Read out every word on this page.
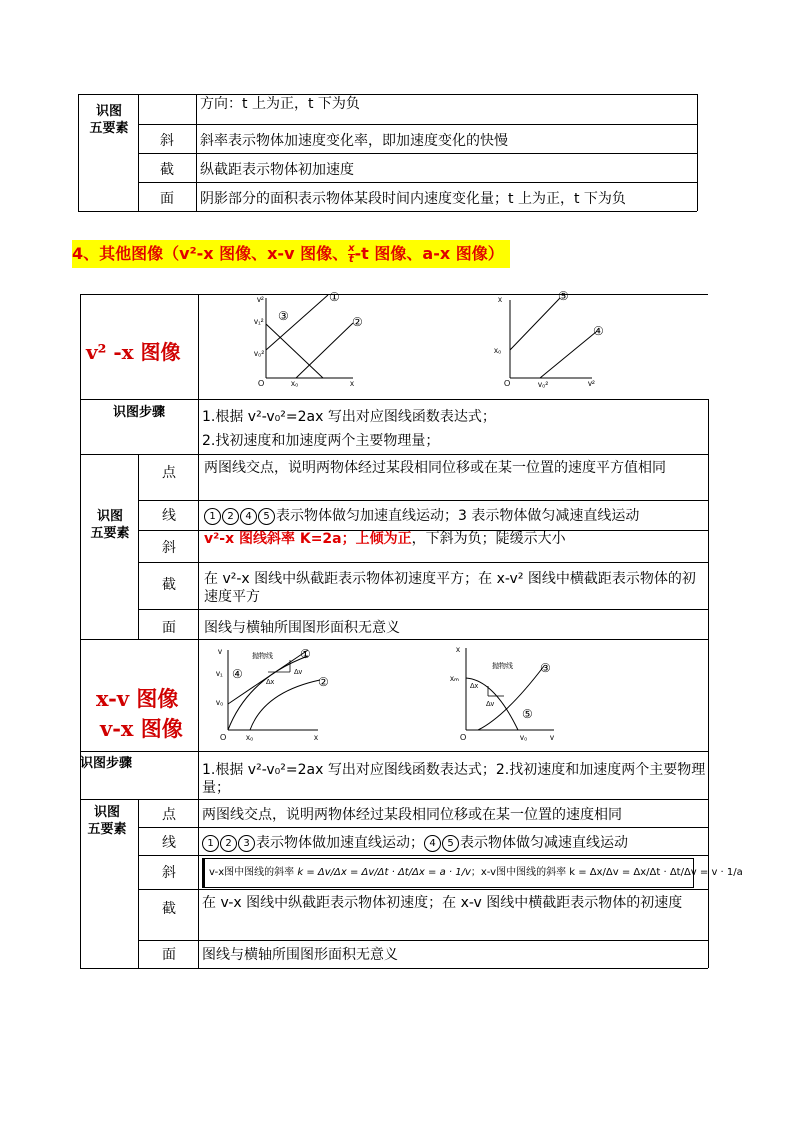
识图
五要素
方向：t 上为正，t 下为负
斜 斜率表示物体加速度变化率，即加速度变化的快慢
截 纵截距表示物体初加速度
面 阴影部分的面积表示物体某段时间内速度变化量；t 上为正，t 下为负
4、其他图像（v²-x 图像、x-v 图像、 $\frac{x}{t} -t$ 图像、a-x 图像）
v² -x 图像
v²
v₁²
v₀²
O	x₀	x
①
②
③
x
x₀
O	v₀²	v²
⑤
④
识图步骤	1.根据 v²-v₀²=2ax 写出对应图线函数表达式；
2.找初速度和加速度两个主要物理量；
识图
五要素
点 两图线交点，说明两物体经过某段相同位移或在某一位置的速度平方值相同
线	1 2 4 5 表示物体做匀加速直线运动；3 表示物体做匀减速直线运动
斜
v²-x 图线斜率 K=2a；上倾为正，下斜为负；陡缓示大小
截 在 v²-x 图线中纵截距表示物体初速度平方；在 x-v² 图线中横截距表示物体的初速度平方
面 图线与横轴所围图形面积无意义
x-v 图像
v-x 图像
v
v₁
v₀
O x₀	x
抛物线
Δv
Δx
①
②
④
x
xₘ
O	v₀	v
抛物线
Δx
Δv
③
⑤
识图步骤	1.根据 v²-v₀²=2ax 写出对应图线函数表达式；2.找初速度和加速度两个主要物理量；
识图
五要素
点 两图线交点，说明两物体经过某段相同位移或在某一位置的速度相同
线	1 2 3 表示物体做加速直线运动； 4 5 表示物体做匀减速直线运动
斜	v-x图中图线的斜率 k = Δv/Δx = Δv/Δt · Δt/Δx = a · 1/v；x-v图中图线的斜率 k = Δx/Δv = Δx/Δt · Δt/Δv = v · 1/a
截 在 v-x 图线中纵截距表示物体初速度；在 x-v 图线中横截距表示物体的初速度
面 图线与横轴所围图形面积无意义
